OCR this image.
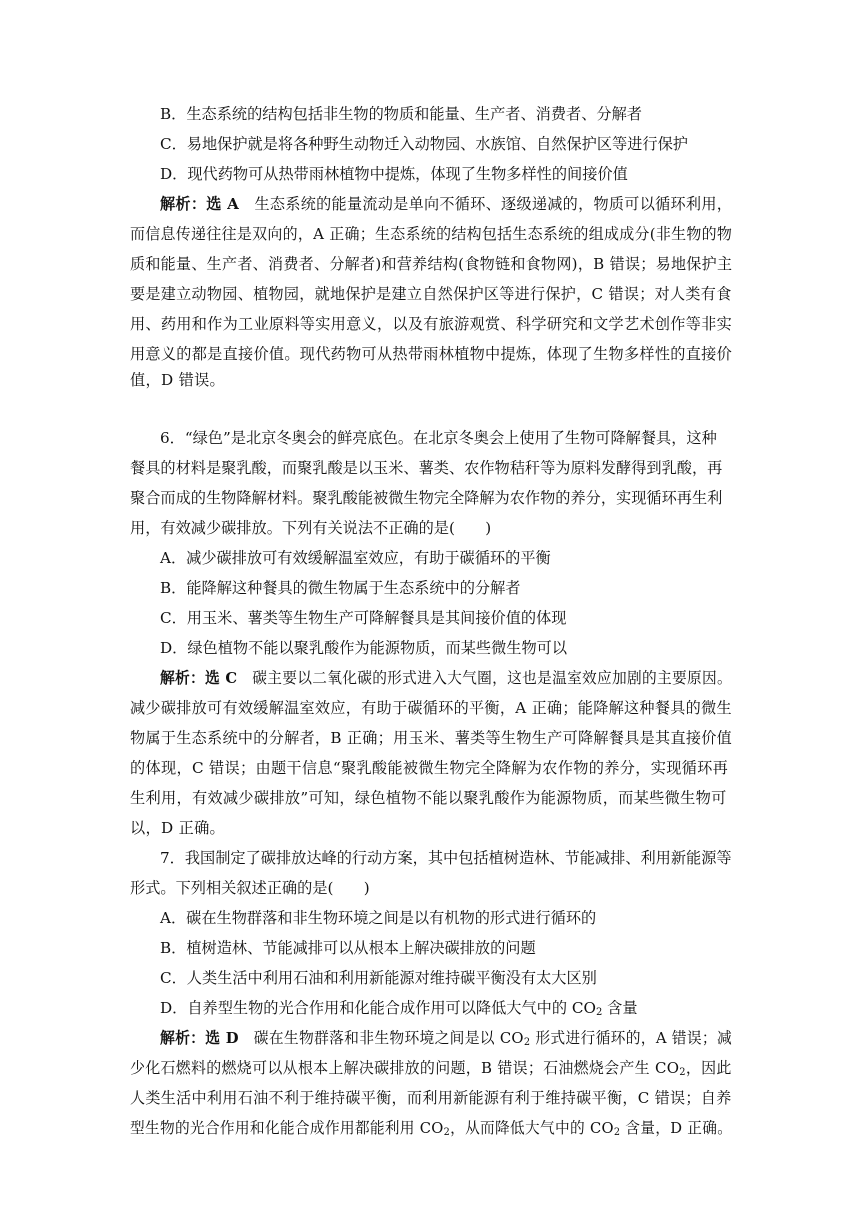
B．生态系统的结构包括非生物的物质和能量、生产者、消费者、分解者
C．易地保护就是将各种野生动物迁入动物园、水族馆、自然保护区等进行保护
D．现代药物可从热带雨林植物中提炼，体现了生物多样性的间接价值
解析：选 A 生态系统的能量流动是单向不循环、逐级递减的，物质可以循环利用，
而信息传递往往是双向的，A 正确；生态系统的结构包括生态系统的组成成分(非生物的物
质和能量、生产者、消费者、分解者)和营养结构(食物链和食物网)，B 错误；易地保护主
要是建立动物园、植物园，就地保护是建立自然保护区等进行保护，C 错误；对人类有食
用、药用和作为工业原料等实用意义，以及有旅游观赏、科学研究和文学艺术创作等非实
用意义的都是直接价值。现代药物可从热带雨林植物中提炼，体现了生物多样性的直接价
值，D 错误。
6．“绿色”是北京冬奥会的鲜亮底色。在北京冬奥会上使用了生物可降解餐具，这种
餐具的材料是聚乳酸，而聚乳酸是以玉米、薯类、农作物秸秆等为原料发酵得到乳酸，再
聚合而成的生物降解材料。聚乳酸能被微生物完全降解为农作物的养分，实现循环再生利
用，有效减少碳排放。下列有关说法不正确的是(　　)
A．减少碳排放可有效缓解温室效应，有助于碳循环的平衡
B．能降解这种餐具的微生物属于生态系统中的分解者
C．用玉米、薯类等生物生产可降解餐具是其间接价值的体现
D．绿色植物不能以聚乳酸作为能源物质，而某些微生物可以
解析：选 C 碳主要以二氧化碳的形式进入大气圈，这也是温室效应加剧的主要原因。
减少碳排放可有效缓解温室效应，有助于碳循环的平衡，A 正确；能降解这种餐具的微生
物属于生态系统中的分解者，B 正确；用玉米、薯类等生物生产可降解餐具是其直接价值
的体现，C 错误；由题干信息“聚乳酸能被微生物完全降解为农作物的养分，实现循环再
生利用，有效减少碳排放”可知，绿色植物不能以聚乳酸作为能源物质，而某些微生物可
以，D 正确。
7．我国制定了碳排放达峰的行动方案，其中包括植树造林、节能减排、利用新能源等
形式。下列相关叙述正确的是(　　)
A．碳在生物群落和非生物环境之间是以有机物的形式进行循环的
B．植树造林、节能减排可以从根本上解决碳排放的问题
C．人类生活中利用石油和利用新能源对维持碳平衡没有太大区别
D．自养型生物的光合作用和化能合成作用可以降低大气中的 $CO_2$ 含量
解析：选 D 碳在生物群落和非生物环境之间是以 $CO_2$ 形式进行循环的，A 错误；减
少化石燃料的燃烧可以从根本上解决碳排放的问题，B 错误；石油燃烧会产生 $CO_2$，因此
人类生活中利用石油不利于维持碳平衡，而利用新能源有利于维持碳平衡，C 错误；自养
型生物的光合作用和化能合成作用都能利用 $CO_2$，从而降低大气中的 $CO_2$ 含量，D 正确。
